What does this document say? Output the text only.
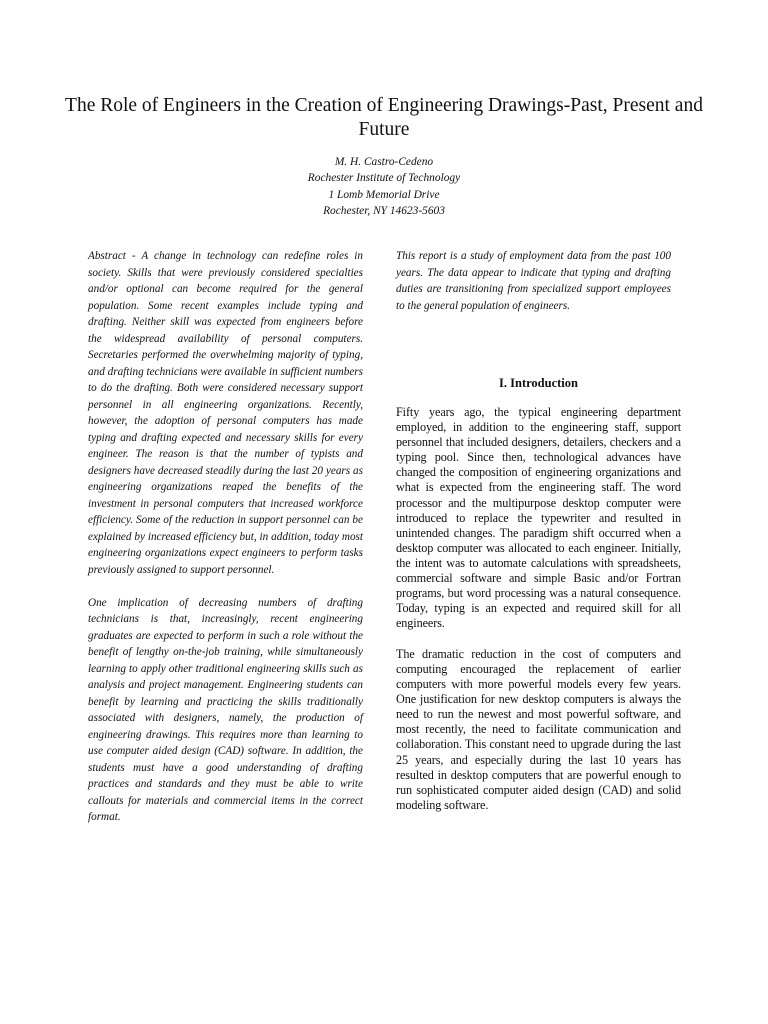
The Role of Engineers in the Creation of Engineering Drawings-Past, Present and Future
M. H. Castro-Cedeno
Rochester Institute of Technology
1 Lomb Memorial Drive
Rochester, NY 14623-5603

Abstract - A change in technology can redefine roles in society. Skills that were previously considered specialties and/or optional can become required for the general population. Some recent examples include typing and drafting. Neither skill was expected from engineers before the widespread availability of personal computers. Secretaries performed the overwhelming majority of typing, and drafting technicians were available in sufficient numbers to do the drafting. Both were considered necessary support personnel in all engineering organizations. Recently, however, the adoption of personal computers has made typing and drafting expected and necessary skills for every engineer. The reason is that the number of typists and designers have decreased steadily during the last 20 years as engineering organizations reaped the benefits of the investment in personal computers that increased workforce efficiency. Some of the reduction in support personnel can be explained by increased efficiency but, in addition, today most engineering organizations expect engineers to perform tasks previously assigned to support personnel.

One implication of decreasing numbers of drafting technicians is that, increasingly, recent engineering graduates are expected to perform in such a role without the benefit of lengthy on-the-job training, while simultaneously learning to apply other traditional engineering skills such as analysis and project management. Engineering students can benefit by learning and practicing the skills traditionally associated with designers, namely, the production of engineering drawings. This requires more than learning to use computer aided design (CAD) software. In addition, the students must have a good understanding of drafting practices and standards and they must be able to write callouts for materials and commercial items in the correct format.

This report is a study of employment data from the past 100 years. The data appear to indicate that typing and drafting duties are transitioning from specialized support employees to the general population of engineers.

I. Introduction

Fifty years ago, the typical engineering department employed, in addition to the engineering staff, support personnel that included designers, detailers, checkers and a typing pool. Since then, technological advances have changed the composition of engineering organizations and what is expected from the engineering staff. The word processor and the multipurpose desktop computer were introduced to replace the typewriter and resulted in unintended changes. The paradigm shift occurred when a desktop computer was allocated to each engineer. Initially, the intent was to automate calculations with spreadsheets, commercial software and simple Basic and/or Fortran programs, but word processing was a natural consequence. Today, typing is an expected and required skill for all engineers.

The dramatic reduction in the cost of computers and computing encouraged the replacement of earlier computers with more powerful models every few years. One justification for new desktop computers is always the need to run the newest and most powerful software, and most recently, the need to facilitate communication and collaboration. This constant need to upgrade during the last 25 years, and especially during the last 10 years has resulted in desktop computers that are powerful enough to run sophisticated computer aided design (CAD) and solid modeling software.
